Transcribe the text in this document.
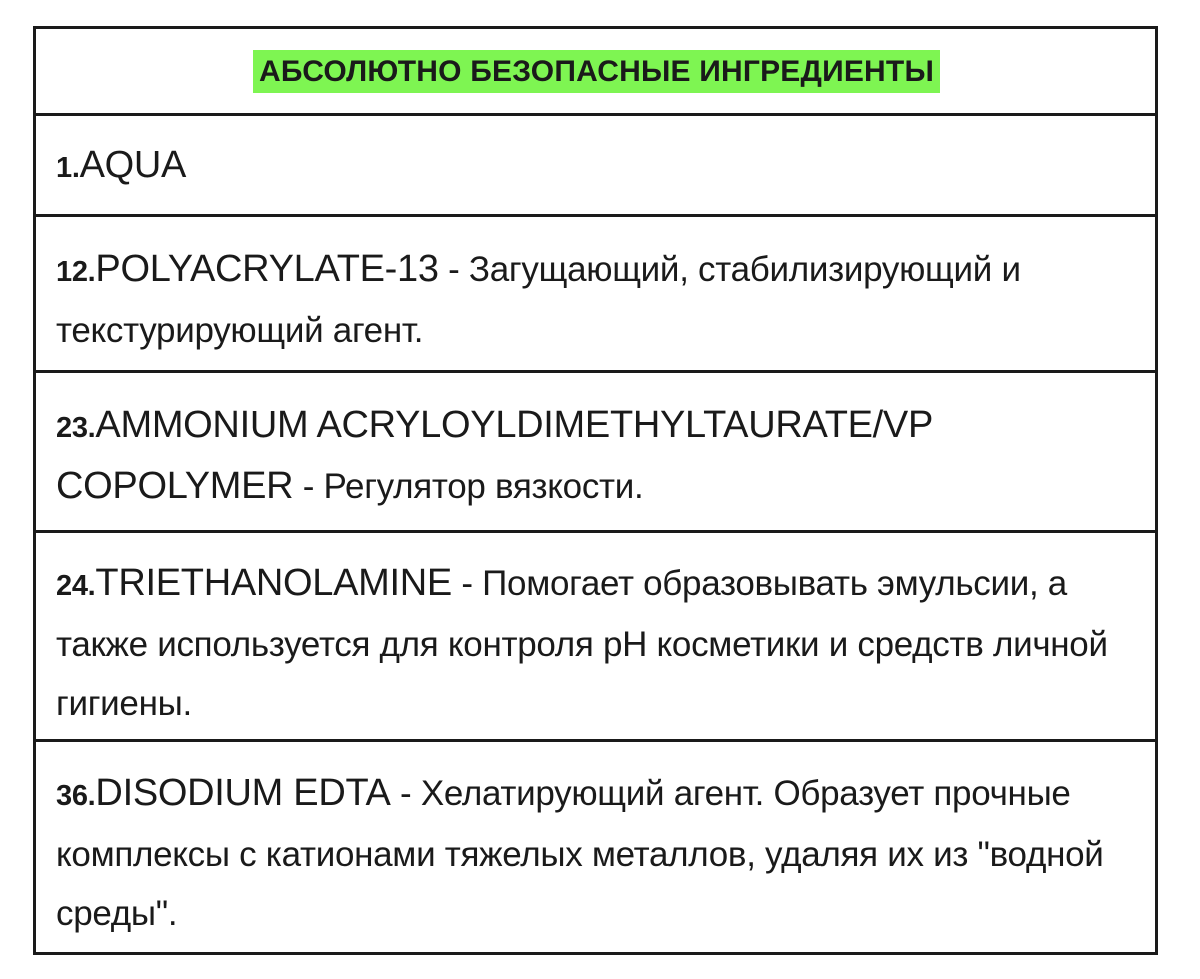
АБСОЛЮТНО БЕЗОПАСНЫЕ ИНГРЕДИЕНТЫ
1.AQUA
12.POLYACRYLATE-13 - Загущающий, стабилизирующий и текстурирующий агент.
23.AMMONIUM ACRYLOYLDIMETHYLTAURATE/VP COPOLYMER - Регулятор вязкости.
24.TRIETHANOLAMINE - Помогает образовывать эмульсии, а также используется для контроля pH косметики и средств личной гигиены.
36.DISODIUM EDTA - Хелатирующий агент. Образует прочные комплексы с катионами тяжелых металлов, удаляя их из "водной среды".
